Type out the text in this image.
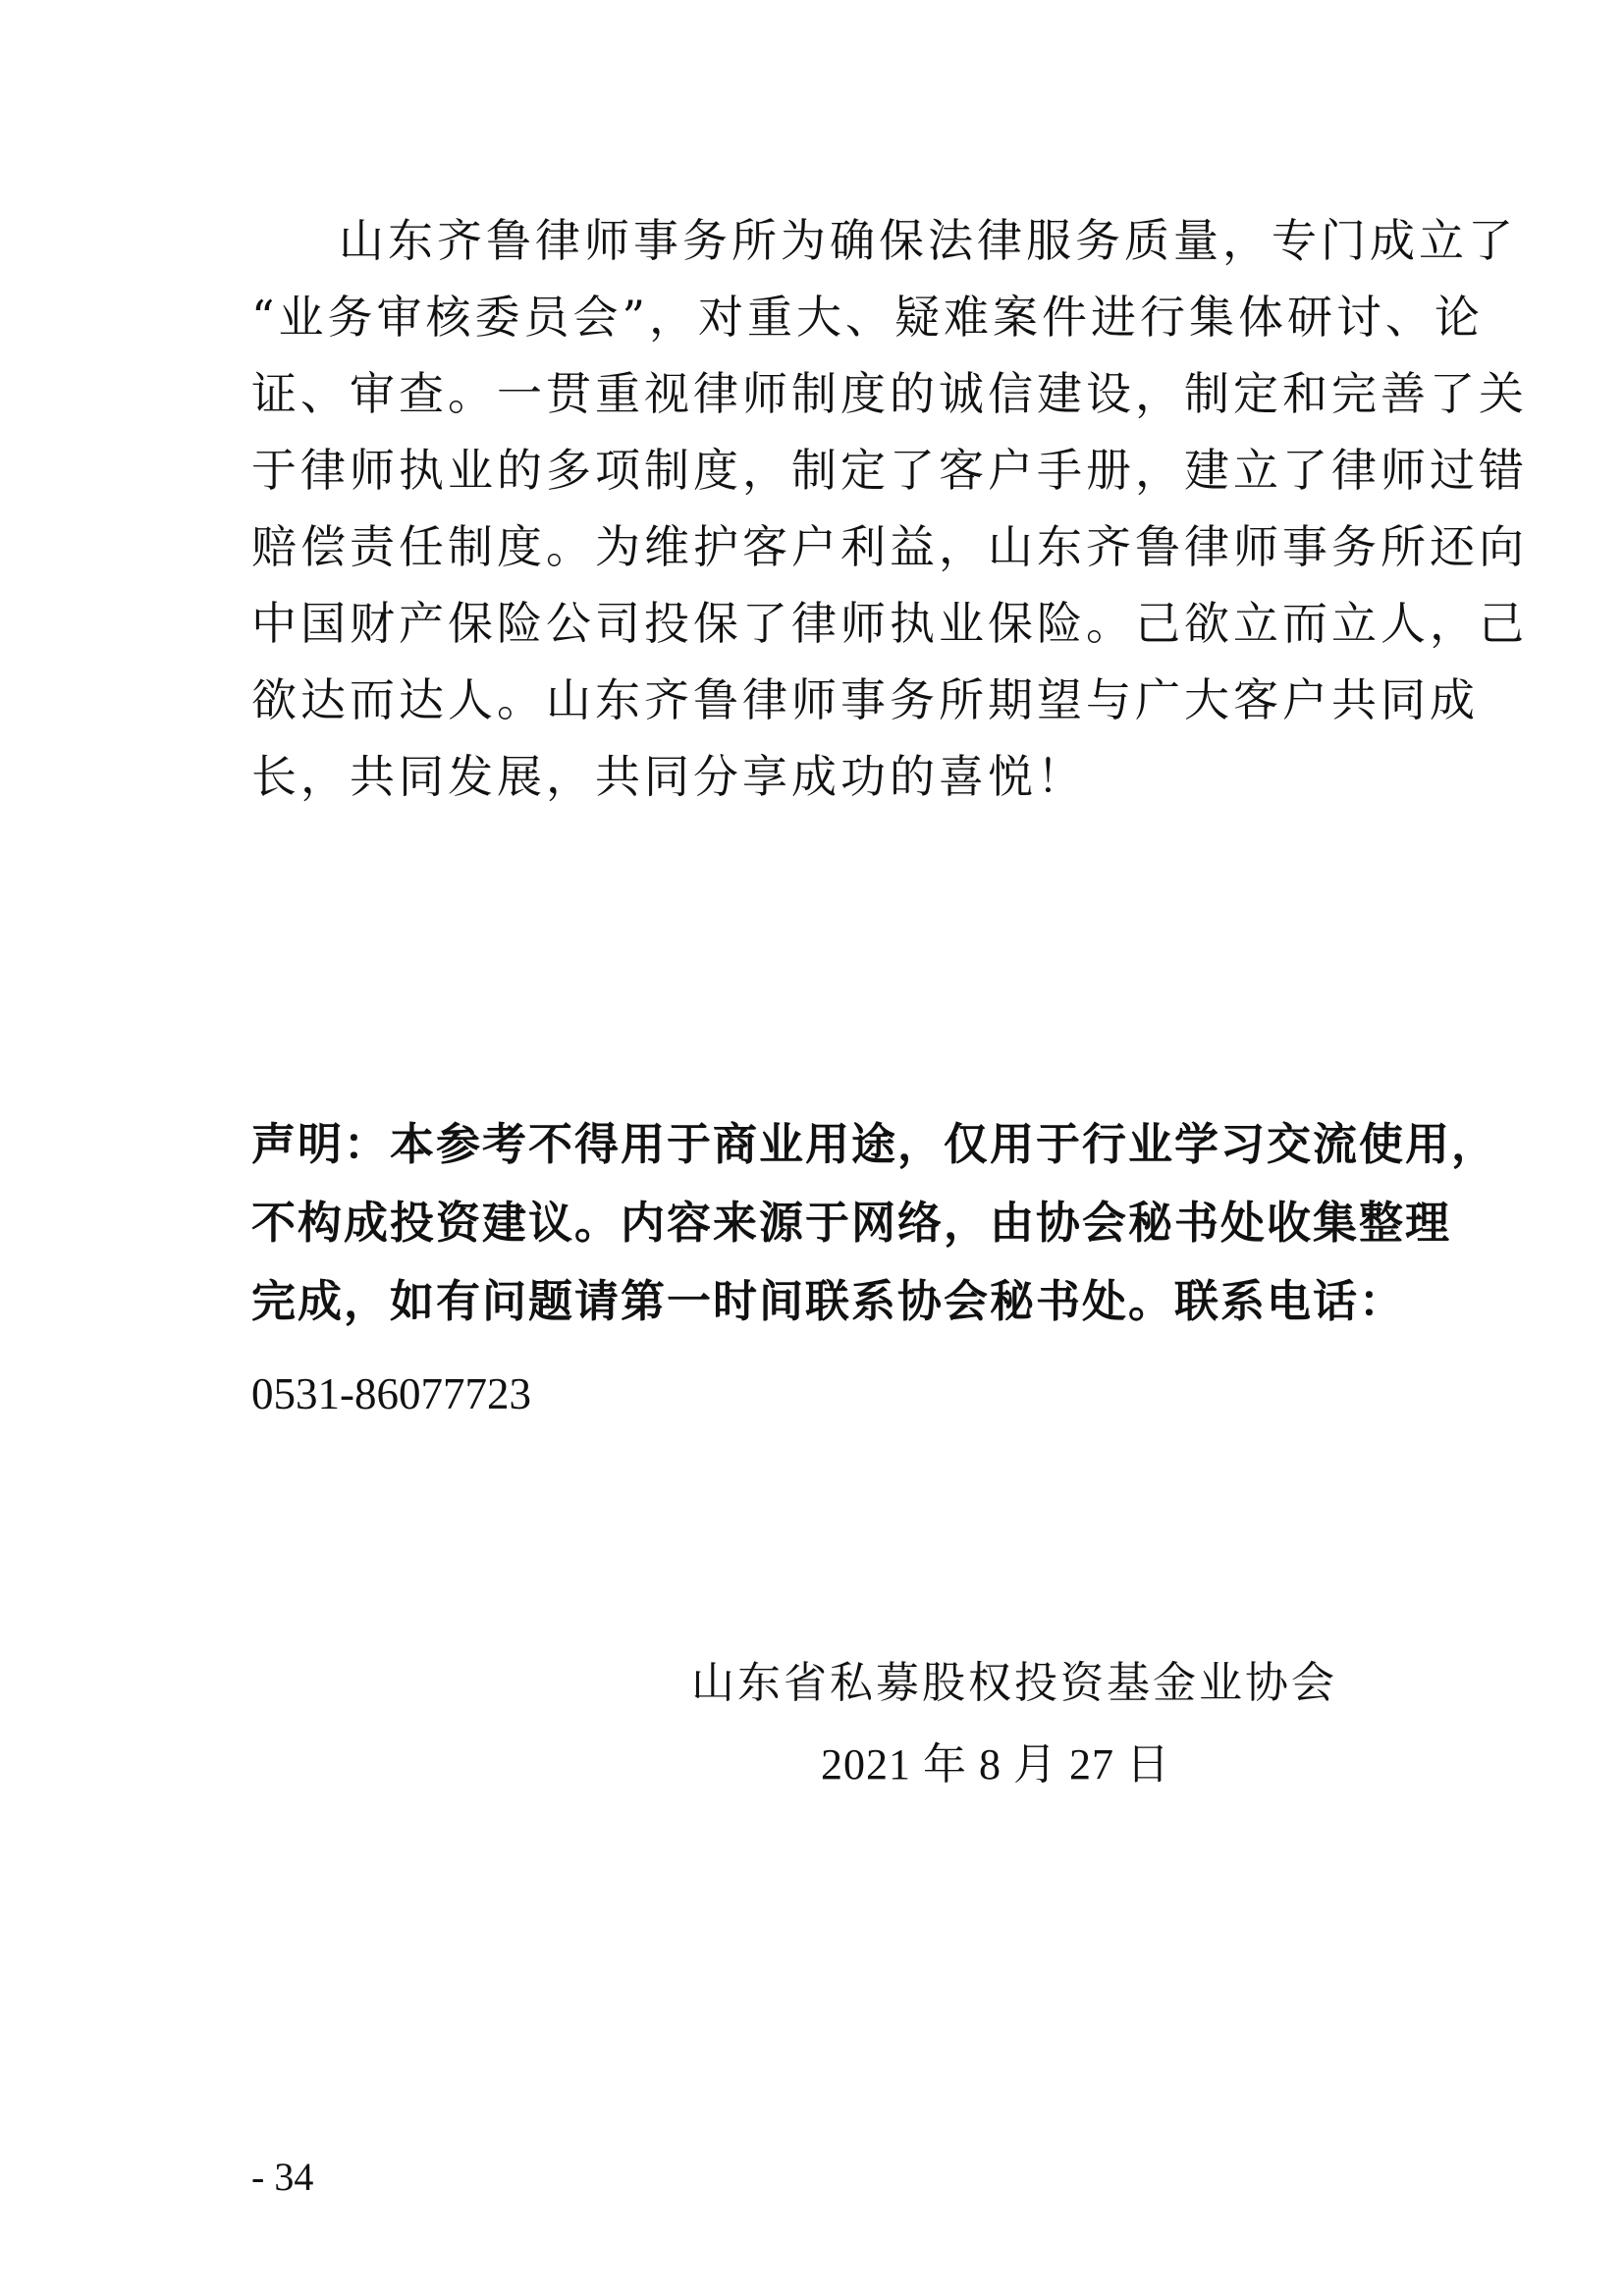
山东齐鲁律师事务所为确保法律服务质量，专门成立了
“业务审核委员会”，对重大、疑难案件进行集体研讨、论
证、审查。一贯重视律师制度的诚信建设，制定和完善了关
于律师执业的多项制度，制定了客户手册，建立了律师过错
赔偿责任制度。为维护客户利益，山东齐鲁律师事务所还向
中国财产保险公司投保了律师执业保险。己欲立而立人，己
欲达而达人。山东齐鲁律师事务所期望与广大客户共同成
长，共同发展，共同分享成功的喜悦！
声明：本参考不得用于商业用途，仅用于行业学习交流使用，
不构成投资建议。内容来源于网络，由协会秘书处收集整理
完成，如有问题请第一时间联系协会秘书处。联系电话：
0531-86077723
山东省私募股权投资基金业协会
2021 年 8 月 27 日
- 34
